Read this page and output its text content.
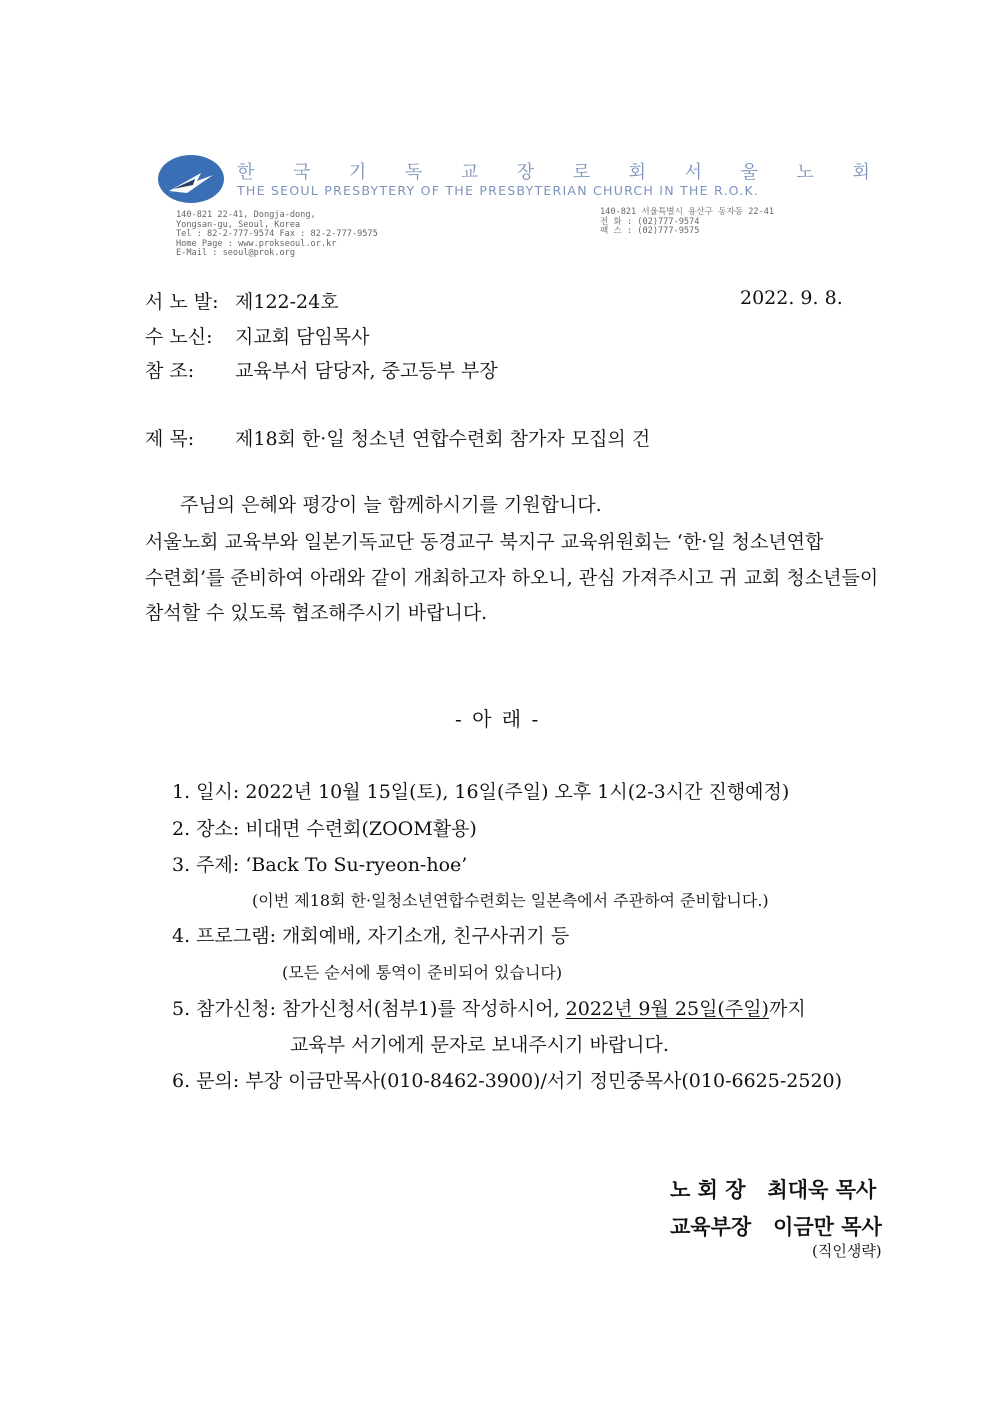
한 국 기 독 교 장 로 회 서 울 노 회
THE SEOUL PRESBYTERY OF THE PRESBYTERIAN CHURCH IN THE R.O.K.
140-821 22-41, Dongja-dong,
Yongsan-gu, Seoul, Korea
Tel : 82-2-777-9574 Fax : 82-2-777-9575
Home Page : www.prokseoul.or.kr
E-Mail : seoul@prok.org
140-821 서울특별시 용산구 동자동 22-41
전 화 : (02)777-9574
팩 스 : (02)777-9575
서 노 발: 제122-24호	2022. 9. 8.
수 노신: 지교회 담임목사
참 조: 교육부서 담당자, 중고등부 부장
제 목: 제18회 한·일 청소년 연합수련회 참가자 모집의 건
주님의 은혜와 평강이 늘 함께하시기를 기원합니다.
서울노회 교육부와 일본기독교단 동경교구 북지구 교육위원회는 ‘한·일 청소년연합
수련회’를 준비하여 아래와 같이 개최하고자 하오니, 관심 가져주시고 귀 교회 청소년들이
참석할 수 있도록 협조해주시기 바랍니다.
- 아 래 -
1. 일시: 2022년 10월 15일(토), 16일(주일) 오후 1시(2-3시간 진행예정)
2. 장소: 비대면 수련회(ZOOM활용)
3. 주제: ‘Back To Su-ryeon-hoe’
(이번 제18회 한·일청소년연합수련회는 일본측에서 주관하여 준비합니다.)
4. 프로그램: 개회예배, 자기소개, 친구사귀기 등
(모든 순서에 통역이 준비되어 있습니다)
5. 참가신청: 참가신청서(첨부1)를 작성하시어, 2022년 9월 25일(주일)까지
교육부 서기에게 문자로 보내주시기 바랍니다.
6. 문의: 부장 이금만목사(010-8462-3900)/서기 정민중목사(010-6625-2520)
노 회 장 최대욱 목사
교육부장 이금만 목사
(직인생략)
